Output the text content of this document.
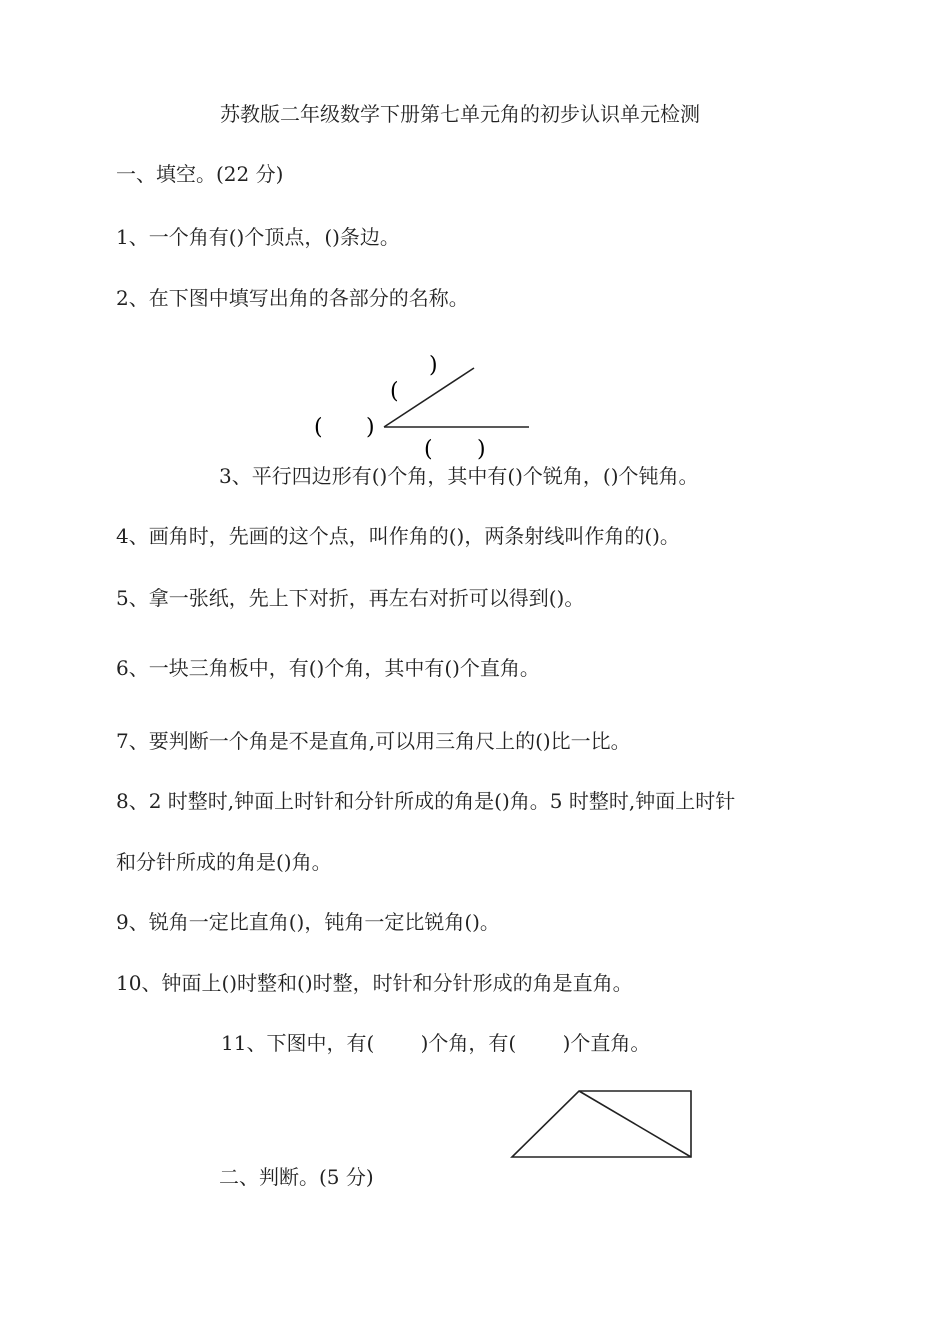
苏教版二年级数学下册第七单元角的初步认识单元检测
一、填空。(22 分)
1、一个角有()个顶点，()条边。
2、在下图中填写出角的各部分的名称。
( )
(
)
( )
3、平行四边形有()个角，其中有()个锐角，()个钝角。
4、画角时，先画的这个点，叫作角的()，两条射线叫作角的()。
5、拿一张纸，先上下对折，再左右对折可以得到()。
6、一块三角板中，有()个角，其中有()个直角。
7、要判断一个角是不是直角,可以用三角尺上的()比一比。
8、2 时整时,钟面上时针和分针所成的角是()角。5 时整时,钟面上时针
和分针所成的角是()角。
9、锐角一定比直角()，钝角一定比锐角()。
10、钟面上()时整和()时整，时针和分针形成的角是直角。
11、下图中，有(　　 )个角，有(　　 )个直角。
二、判断。(5 分)
